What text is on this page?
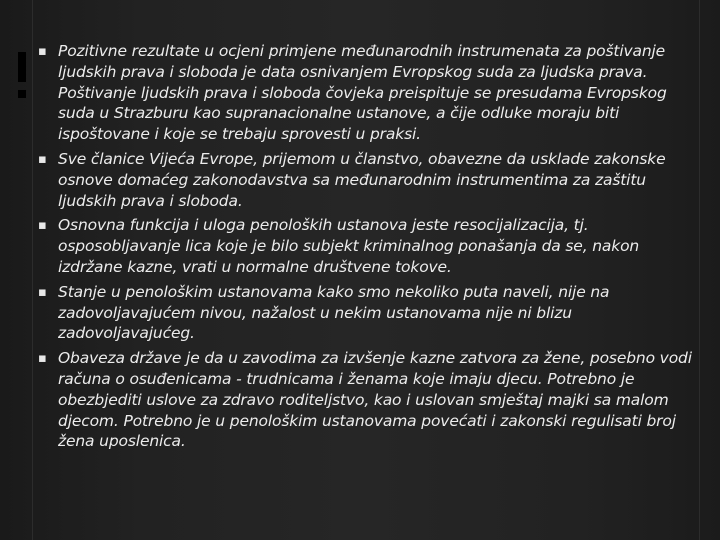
▪ Pozitivne rezultate u ocjeni primjene međunarodnih instrumenata za poštivanje ljudskih prava i sloboda je data osnivanjem Evropskog suda za ljudska prava. Poštivanje ljudskih prava i sloboda čovjeka preispituje se presudama Evropskog suda u Strazburu kao supranacionalne ustanove, a čije odluke moraju biti ispoštovane i koje se trebaju sprovesti u praksi.
▪ Sve članice Vijeća Evrope, prijemom u članstvo, obavezne da usklade zakonske osnove domaćeg zakonodavstva sa međunarodnim instrumentima za zaštitu ljudskih prava i sloboda.
▪ Osnovna funkcija i uloga penoloških ustanova jeste resocijalizacija, tj. osposobljavanje lica koje je bilo subjekt kriminalnog ponašanja da se, nakon izdržane kazne, vrati u normalne društvene tokove.
▪ Stanje u penološkim ustanovama kako smo nekoliko puta naveli, nije na zadovoljavajućem nivou, nažalost u nekim ustanovama nije ni blizu zadovoljavajućeg.
▪ Obaveza države je da u zavodima za izvšenje kazne zatvora za žene, posebno vodi računa o osuđenicama - trudnicama i ženama koje imaju djecu. Potrebno je obezbjediti uslove za zdravo roditeljstvo, kao i uslovan smještaj majki sa malom djecom. Potrebno je u penološkim ustanovama povećati i zakonski regulisati broj žena uposlenica.
